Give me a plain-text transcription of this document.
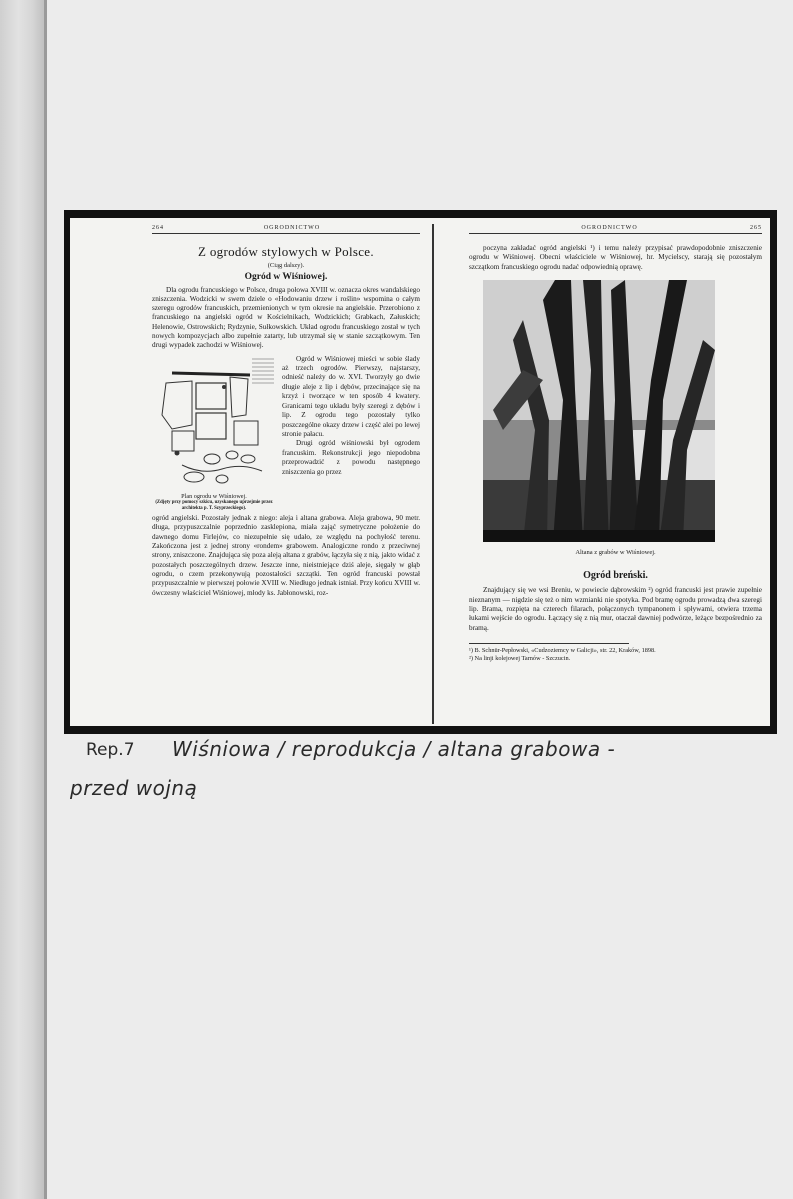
264	OGRODNICTWO
Z ogrodów stylowych w Polsce.
(Ciąg dalszy).
Ogród w Wiśniowej.

Dla ogrodu francuskiego w Polsce, druga połowa XVIII w. oznacza okres wandalskiego zniszczenia. Wodzicki w swem dziele o «Hodowaniu drzew i roślin» wspomina o całym szeregu ogrodów francuskich, przemienionych w tym okresie na angielskie. Przerobiono z francuskiego na angielski ogród w Kościelnikach, Wodzickich; Grabkach, Załuskich; Helenowie, Ostrowskich; Rydzynie, Sułkowskich. Układ ogrodu francuskiego został w tych nowych kompozycjach albo zupełnie zatarty, lub utrzymał się w stanie szczątkowym. Ten drugi wypadek zachodzi w Wiśniowej.

Plan ogrodu w Wiśniowej.
(Zdjęty przy pomocy szkicu, uzyskanego uprzejmie przez architekta p. T. Szyprzeckiego).

Ogród w Wiśniowej mieści w sobie ślady aż trzech ogrodów. Pierwszy, najstarszy, odnieść należy do w. XVI. Tworzyły go dwie długie aleje z lip i dębów, przecinające się na krzyż i tworzące w ten sposób 4 kwatery. Granicami tego układu były szeregi z dębów i lip. Z ogrodu tego pozostały tylko poszczególne okazy drzew i część alei po lewej stronie pałacu.

Drugi ogród wiśniowski był ogrodem francuskim. Rekonstrukcji jego niepodobna przeprowadzić z powodu następnego zniszczenia go przez

ogród angielski. Pozostały jednak z niego: aleja i altana grabowa. Aleja grabowa, 90 metr. długa, przypuszczalnie poprzednio zasklepiona, miała zająć symetryczne położenie do dawnego domu Firlejów, co niezupełnie się udało, ze względu na pochyłość terenu. Zakończona jest z jednej strony «rondem» grabowem. Analogiczne rondo z przeciwnej strony, zniszczone. Znajdująca się poza aleją altana z grabów, łączyła się z nią, jakto widać z pozostałych poszczególnych drzew. Jeszcze inne, nieistniejące dziś aleje, sięgały w głąb ogrodu, o czem przekonywują pozostałości szczątki. Ten ogród francuski powstał przypuszczalnie w pierwszej połowie XVIII w. Niedługo jednak istniał. Przy końcu XVIII w. ówczesny właściciel Wiśniowej, młody ks. Jabłonowski, roz-

OGRODNICTWO	265

poczyna zakładać ogród angielski ¹) i temu należy przypisać prawdopodobnie zniszczenie ogrodu w Wiśniowej. Obecni właściciele w Wiśniowej, hr. Mycielscy, starają się pozostałym szczątkom francuskiego ogrodu nadać odpowiednią oprawę.

Altana z grabów w Wiśniowej.
Ogród breński.

Znajdujący się we wsi Breniu, w powiecie dąbrowskim ²) ogród francuski jest prawie zupełnie nieznanym — nigdzie się też o nim wzmianki nie spotyka. Pod bramę ogrodu prowadzą dwa szeregi lip. Brama, rozpięta na czterech filarach, połączonych tympanonem i spływami, otwiera trzema łukami wejście do ogrodu. Łączący się z nią mur, otaczał dawniej podwórze, leżące bezpośrednio za bramą.

¹) B. Schnür-Pepłowski, «Cudzoziemcy w Galicji», str. 22, Kraków, 1898.
²) Na linji kolejowej Tarnów - Szczucin.
Rep.7 Wiśniowa / reprodukcja / altana grabowa -
przed wojną
